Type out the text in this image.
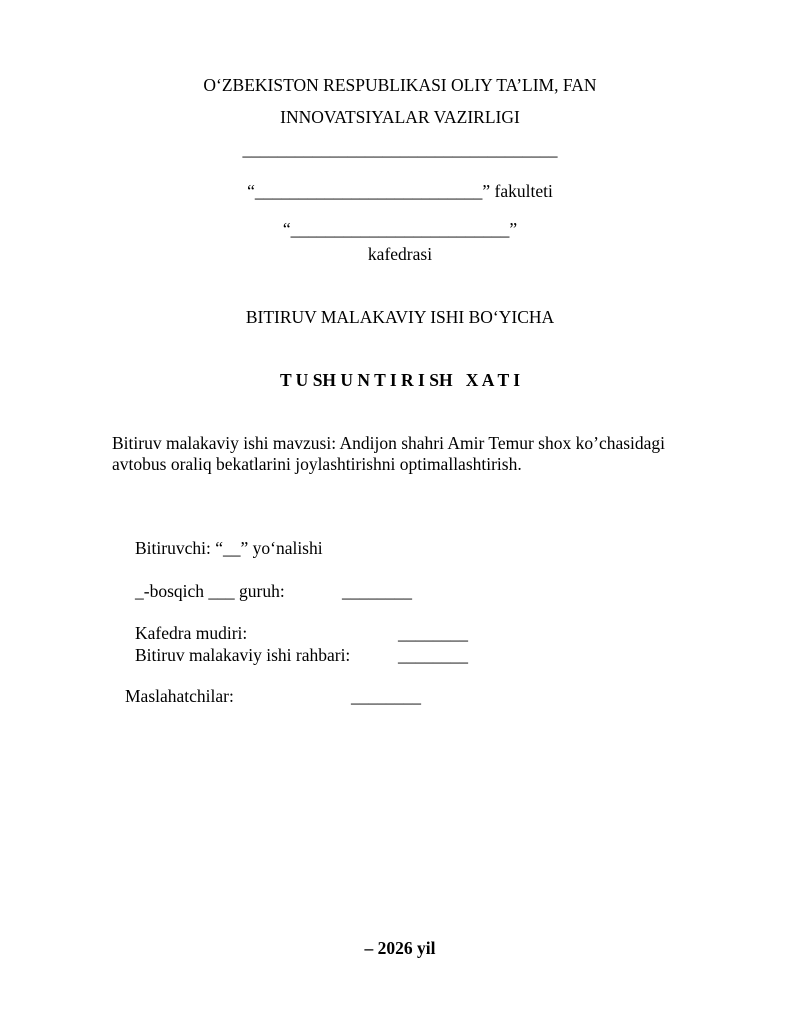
O‘ZBEKISTON RESPUBLIKASI OLIY TA’LIM, FAN
INNOVATSIYALAR VAZIRLIGI
____________________________________
“__________________________” fakulteti
“_________________________”
kafedrasi
BITIRUV MALAKAVIY ISHI BO‘YICHA
T U SH U N T I R I SH   X A T I
Bitiruv malakaviy ishi mavzusi: Andijon shahri Amir Temur shox ko’chasidagi
avtobus oraliq bekatlarini joylashtirishni optimallashtirish.
Bitiruvchi: “__” yo‘nalishi
_-bosqich ___ guruh:	________
Kafedra mudiri:	________
Bitiruv malakaviy ishi rahbari:	________
Maslahatchilar:	________
– 2026 yil
